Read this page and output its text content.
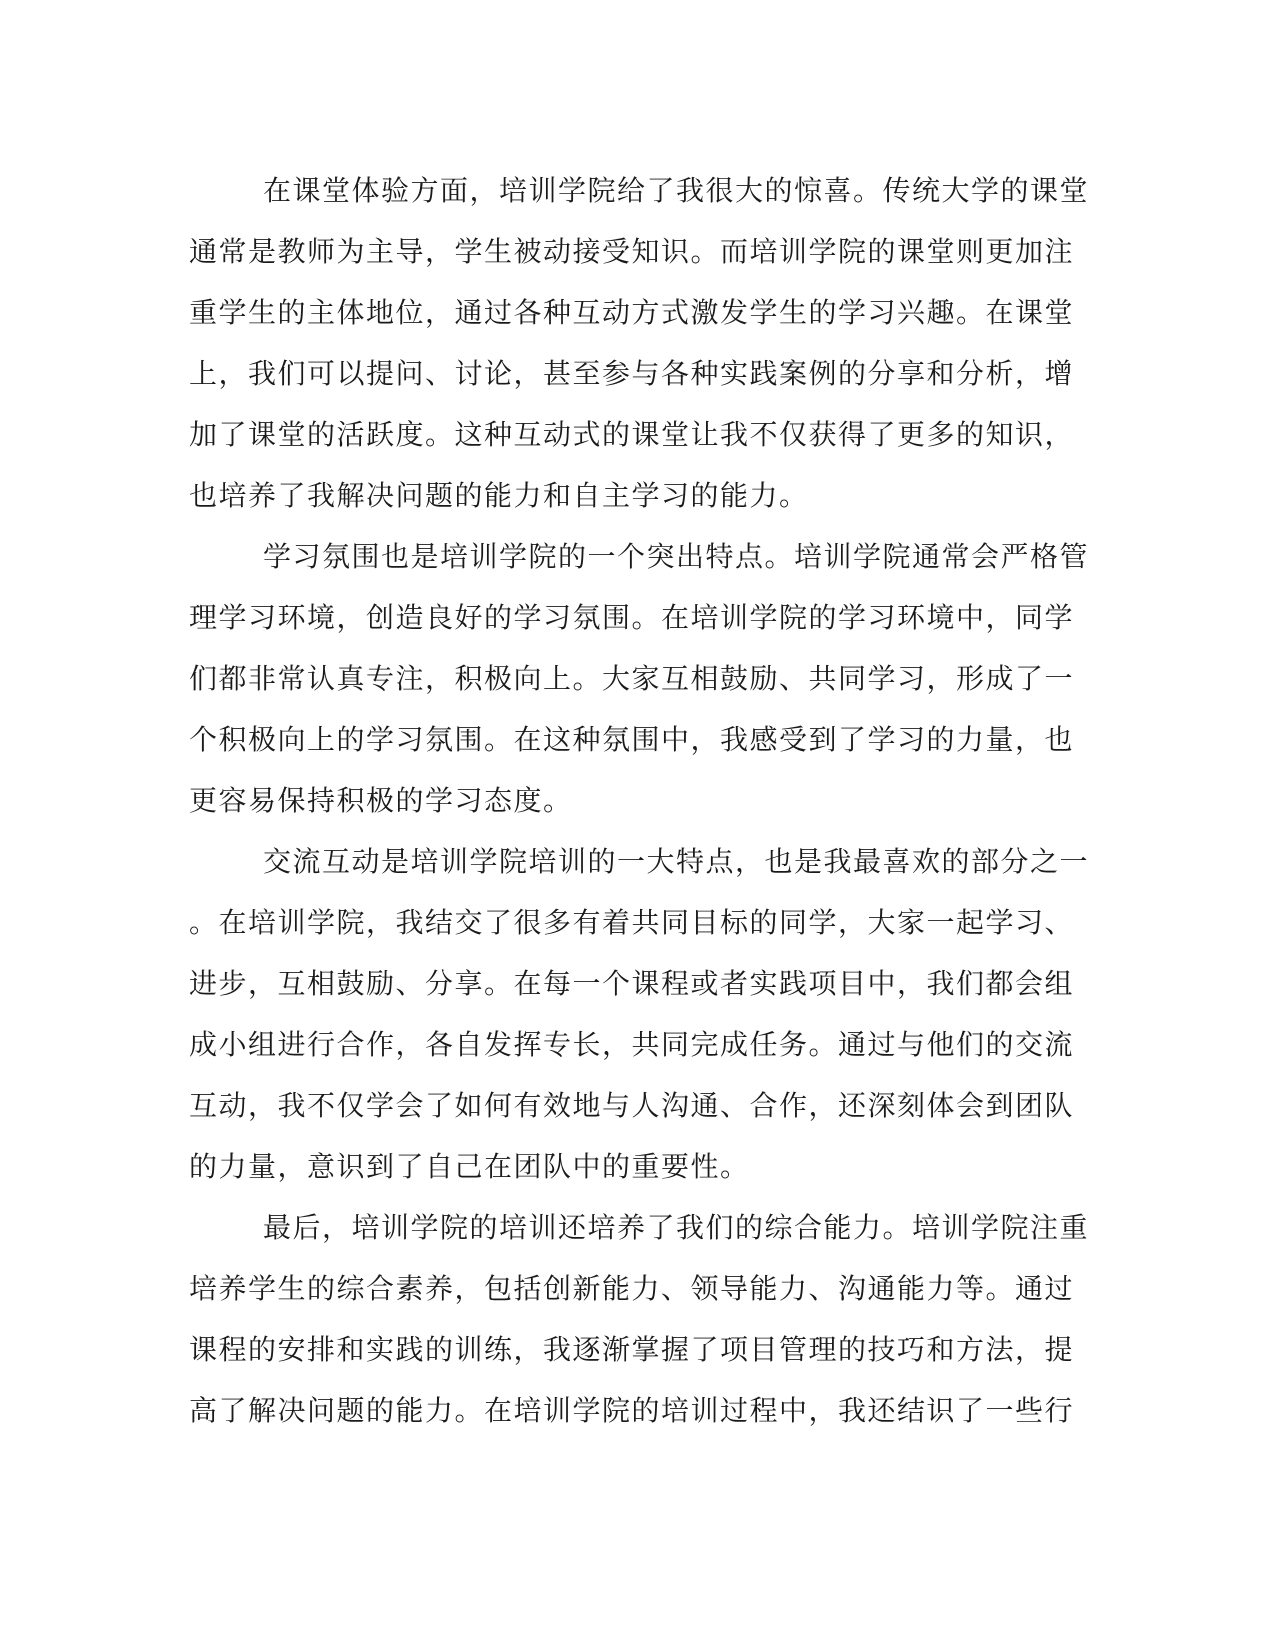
在课堂体验方面，培训学院给了我很大的惊喜。传统大学的课堂
通常是教师为主导，学生被动接受知识。而培训学院的课堂则更加注
重学生的主体地位，通过各种互动方式激发学生的学习兴趣。在课堂
上，我们可以提问、讨论，甚至参与各种实践案例的分享和分析，增
加了课堂的活跃度。这种互动式的课堂让我不仅获得了更多的知识，
也培养了我解决问题的能力和自主学习的能力。
学习氛围也是培训学院的一个突出特点。培训学院通常会严格管
理学习环境，创造良好的学习氛围。在培训学院的学习环境中，同学
们都非常认真专注，积极向上。大家互相鼓励、共同学习，形成了一
个积极向上的学习氛围。在这种氛围中，我感受到了学习的力量，也
更容易保持积极的学习态度。
交流互动是培训学院培训的一大特点，也是我最喜欢的部分之一
。在培训学院，我结交了很多有着共同目标的同学，大家一起学习、
进步，互相鼓励、分享。在每一个课程或者实践项目中，我们都会组
成小组进行合作，各自发挥专长，共同完成任务。通过与他们的交流
互动，我不仅学会了如何有效地与人沟通、合作，还深刻体会到团队
的力量，意识到了自己在团队中的重要性。
最后，培训学院的培训还培养了我们的综合能力。培训学院注重
培养学生的综合素养，包括创新能力、领导能力、沟通能力等。通过
课程的安排和实践的训练，我逐渐掌握了项目管理的技巧和方法，提
高了解决问题的能力。在培训学院的培训过程中，我还结识了一些行
